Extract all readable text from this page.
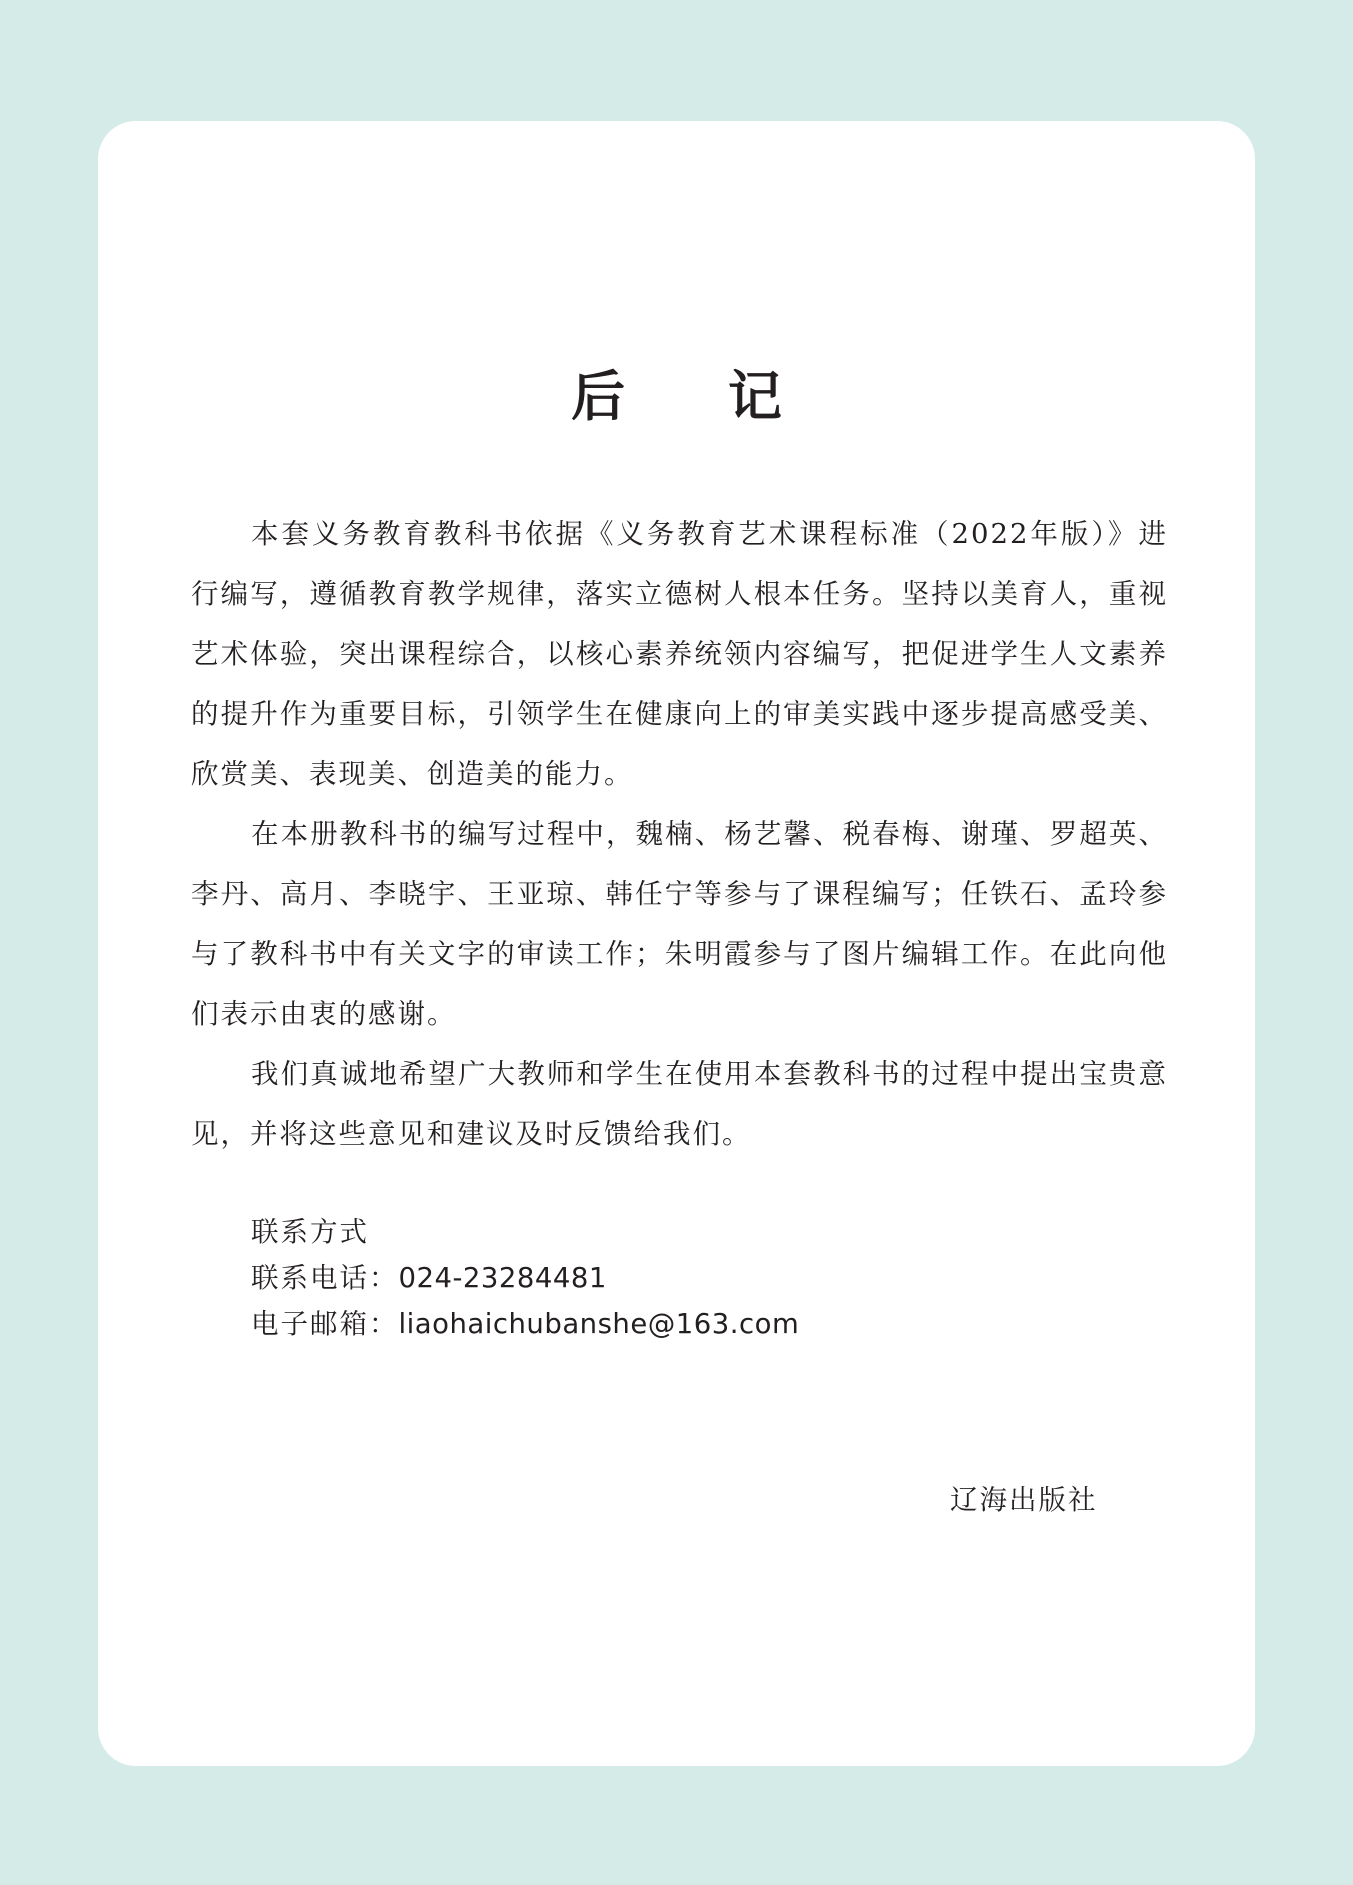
后 记

本套义务教育教科书依据《义务教育艺术课程标准（2022年版）》进行编写，遵循教育教学规律，落实立德树人根本任务。坚持以美育人，重视艺术体验，突出课程综合，以核心素养统领内容编写，把促进学生人文素养的提升作为重要目标，引领学生在健康向上的审美实践中逐步提高感受美、欣赏美、表现美、创造美的能力。

在本册教科书的编写过程中，魏楠、杨艺馨、税春梅、谢瑾、罗超英、李丹、高月、李晓宇、王亚琼、韩任宁等参与了课程编写；任铁石、孟玲参与了教科书中有关文字的审读工作；朱明霞参与了图片编辑工作。在此向他们表示由衷的感谢。

我们真诚地希望广大教师和学生在使用本套教科书的过程中提出宝贵意见，并将这些意见和建议及时反馈给我们。

联系方式

联系电话：024-23284481

电子邮箱：liaohaichubanshe@163.com

辽海出版社
